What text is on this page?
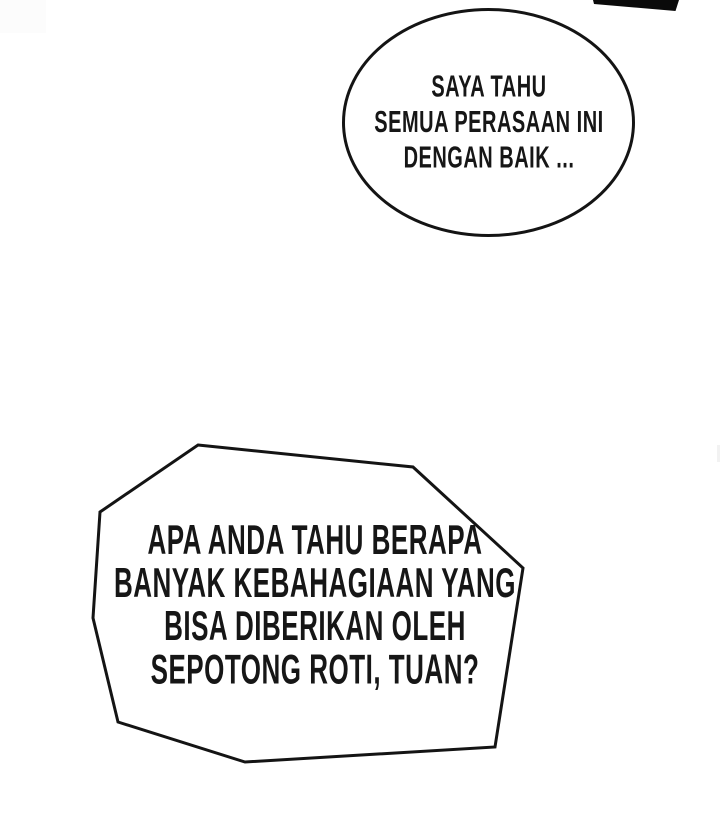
SAYA TAHU
SEMUA PERASAAN INI
DENGAN BAIK ...
APA ANDA TAHU BERAPA
BANYAK KEBAHAGIAAN YANG
BISA DIBERIKAN OLEH
SEPOTONG ROTI, TUAN?
